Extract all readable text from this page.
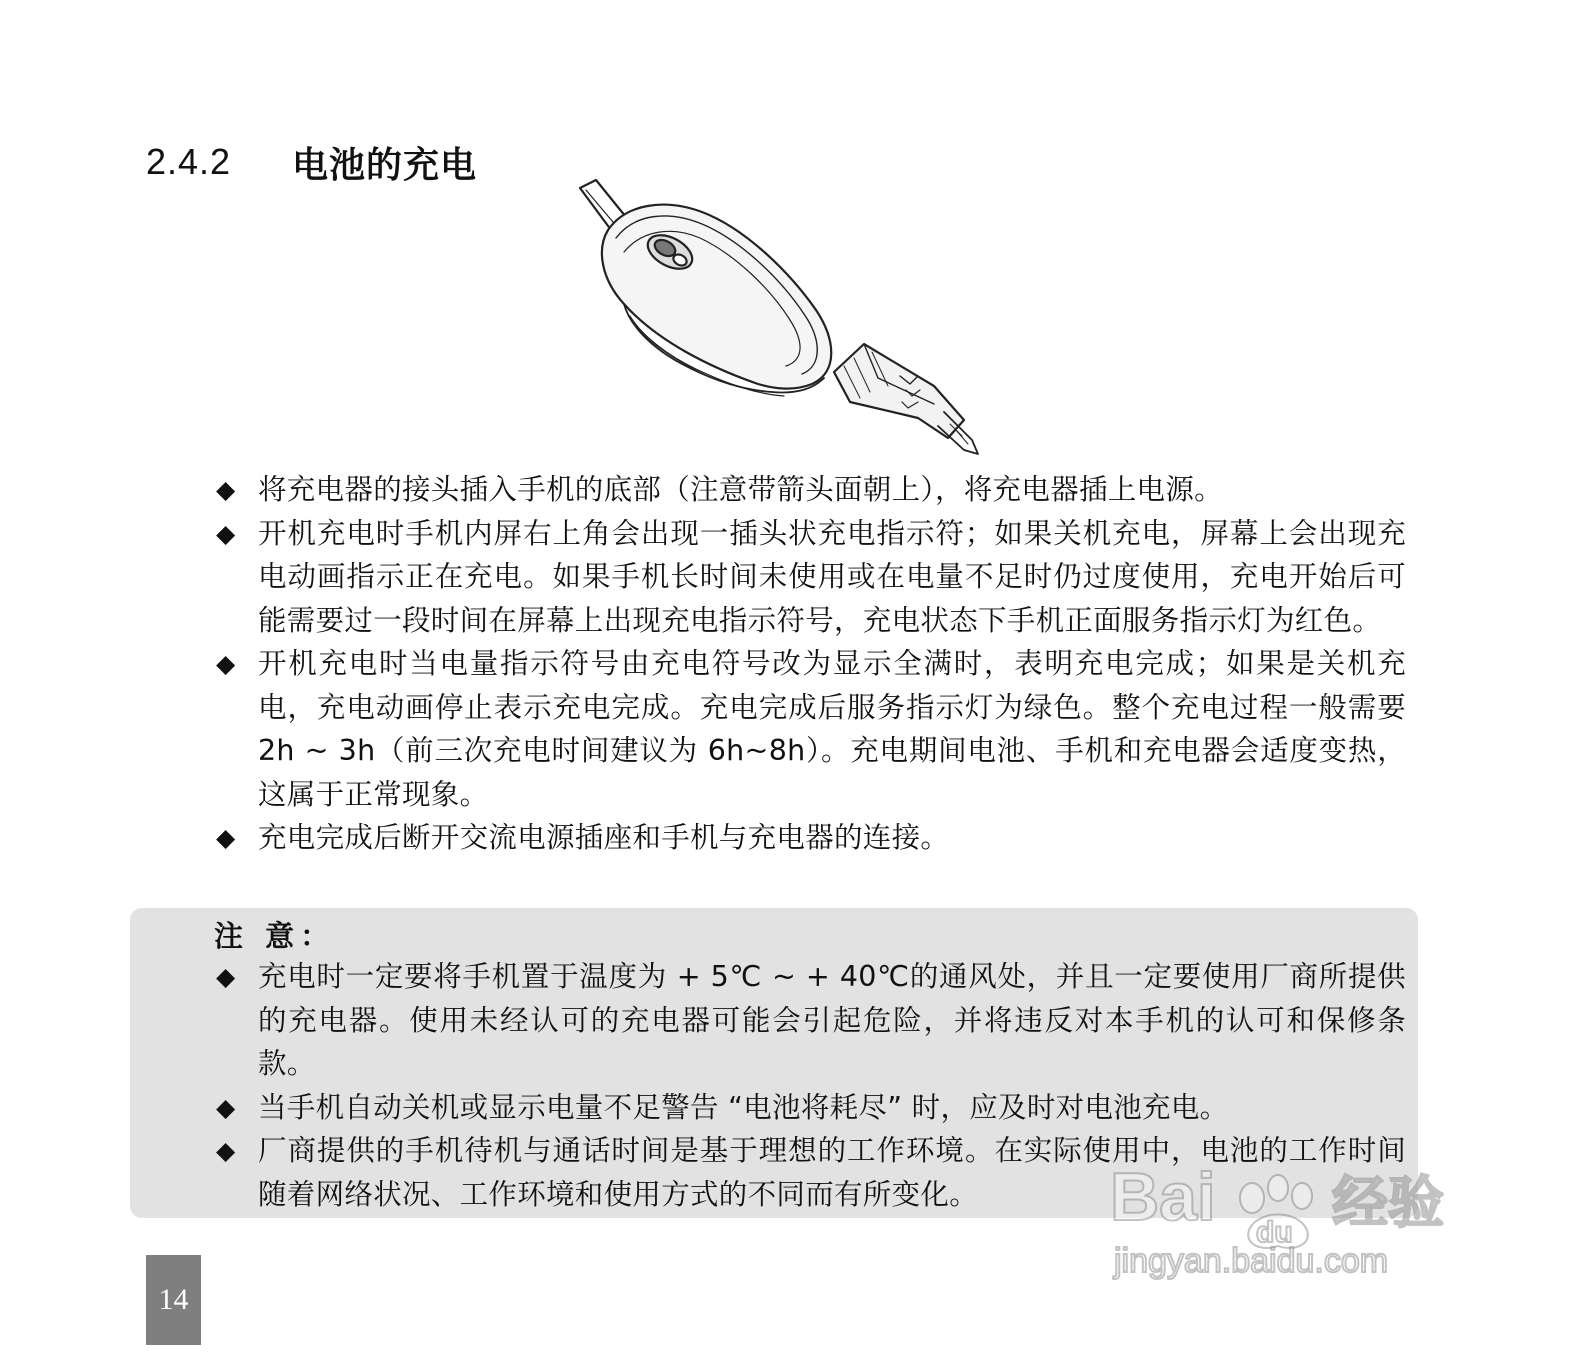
2.4.2	电池的充电
◆ 将充电器的接头插入手机的底部（注意带箭头面朝上），将充电器插上电源。
◆ 开机充电时手机内屏右上角会出现一插头状充电指示符；如果关机充电，屏幕上会出现充电动画指示正在充电。如果手机长时间未使用或在电量不足时仍过度使用，充电开始后可能需要过一段时间在屏幕上出现充电指示符号，充电状态下手机正面服务指示灯为红色。
◆ 开机充电时当电量指示符号由充电符号改为显示全满时，表明充电完成；如果是关机充电，充电动画停止表示充电完成。充电完成后服务指示灯为绿色。整个充电过程一般需要 2h ~ 3h（前三次充电时间建议为 6h~8h）。充电期间电池、手机和充电器会适度变热，这属于正常现象。
◆ 充电完成后断开交流电源插座和手机与充电器的连接。
注 意：
◆ 充电时一定要将手机置于温度为 + 5℃ ~ + 40℃的通风处，并且一定要使用厂商所提供的充电器。使用未经认可的充电器可能会引起危险，并将违反对本手机的认可和保修条款。
◆ 当手机自动关机或显示电量不足警告 “电池将耗尽” 时，应及时对电池充电。
◆ 厂商提供的手机待机与通话时间是基于理想的工作环境。在实际使用中，电池的工作时间随着网络状况、工作环境和使用方式的不同而有所变化。
14
Bai du 经验
jingyan.baidu.com
